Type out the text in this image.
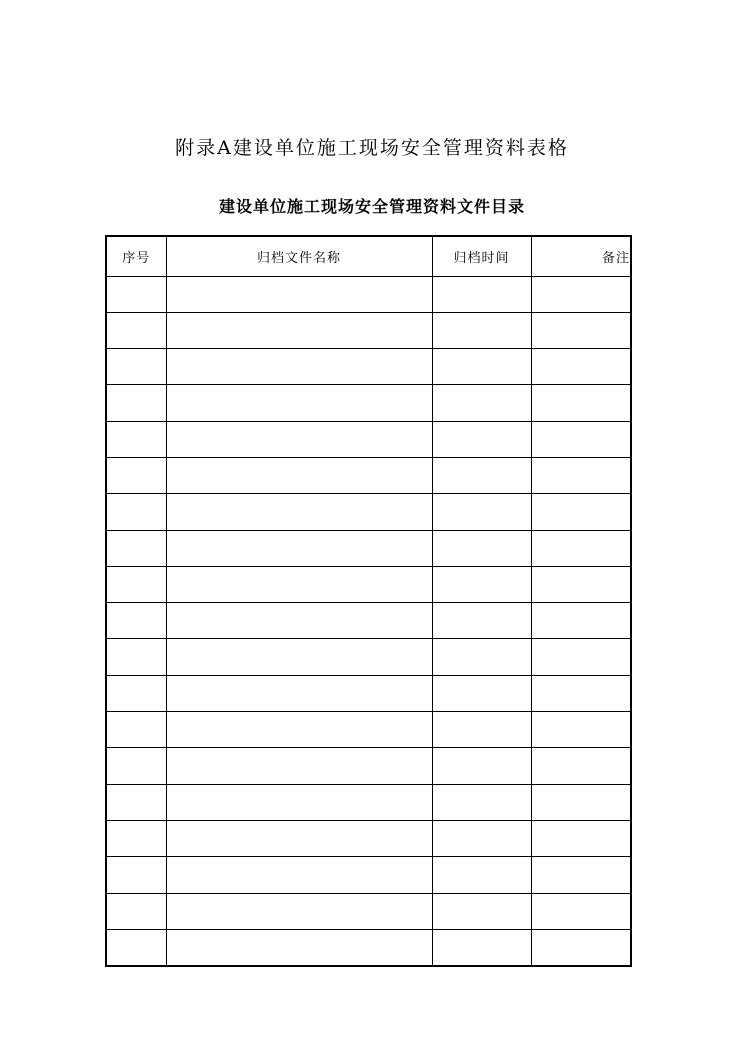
附录A建设单位施工现场安全管理资料表格
建设单位施工现场安全管理资料文件目录
序号	归档文件名称	归档时间	备注
